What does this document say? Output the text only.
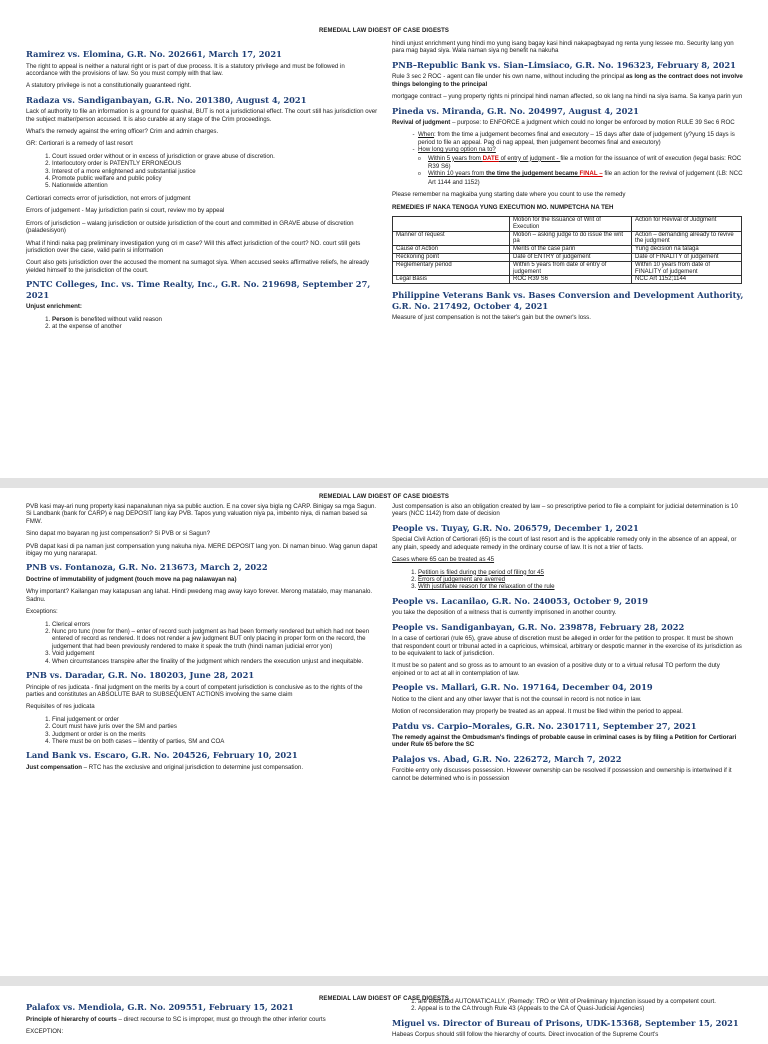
REMEDIAL LAW DIGEST OF CASE DIGESTS
Ramirez vs. Elomina, G.R. No. 202661, March 17, 2021

The right to appeal is neither a natural right or is part of due process. It is a statutory privilege and must be followed in accordance with the provisions of law. So you must comply with that law.

A statutory privilege is not a constitutionally guaranteed right.

Radaza vs. Sandiganbayan, G.R. No. 201380, August 4, 2021

Lack of authority to file an information is a ground for quashal, BUT is not a jurisdictional effect. The court still has jurisdiction over the subject matter/person accused. It is also curable at any stage of the Crim proceedings.

What's the remedy against the erring officer? Crim and admin charges.

GR: Certiorari is a remedy of last resort

1. Court issued order without or in excess of jurisdiction or grave abuse of discretion.
2. Interlocutory order is PATENTLY ERRONEOUS
3. Interest of a more enlightened and substantial justice
4. Promote public welfare and public policy
5. Nationwide attention

Certiorari corrects error of jurisdiction, not errors of judgment

Errors of judgement - May jurisdiction parin si court, review mo by appeal

Errors of jurisdiction – walang jurisdiction or outside jurisdiction of the court and committed in GRAVE abuse of discretion (paladesisyon)

What if hindi naka pag preliminary investigation yung cri m case? Will this affect jurisdiction of the court? NO. court still gets jurisdiction over the case, valid parin si information

Court also gets jurisdiction over the accused the moment na sumagot siya. When accused seeks affirmative reliefs, he already yielded himself to the jurisdiction of the court.

PNTC Colleges, Inc. vs. Time Realty, Inc., G.R. No. 219698, September 27, 2021

Unjust enrichment:

1. Person is benefited without valid reason
2. at the expense of another

hindi unjust enrichment yung hindi mo yung isang bagay kasi hindi nakapagbayad ng renta yung lessee mo. Security lang yon para mag bayad siya. Wala naman siya ng benefit na nakuha

PNB–Republic Bank vs. Sian–Limsiaco, G.R. No. 196323, February 8, 2021

Rule 3 sec 2 ROC - agent can file under his own name, without including the principal as long as the contract does not involve things belonging to the principal

mortgage contract – yung property rights ni principal hindi naman affected, so ok lang na hindi na siya isama. Sa kanya parin yun

Pineda vs. Miranda, G.R. No. 204997, August 4, 2021

Revival of judgment – purpose: to ENFORCE a judgment which could no longer be enforced by motion RULE 39 Sec 6 ROC

- When: from the time a judgement becomes final and executory – 15 days after date of judgement (y?yung 15 days is period to file an appeal. Pag di nag appeal, then judgement becomes final and executory)
- How long yung option na to?
o Within 5 years from DATE of entry of judgment - file a motion for the issuance of writ of execution (legal basis: ROC R39 S6)
o Within 10 years from the time the judgement became FINAL – file an action for the revival of judgement (LB: NCC Art 1144 and 1152)

Please remember na magkaiba yung starting date where you count to use the remedy

REMEDIES IF NAKA TENGGA YUNG EXECUTION MO. NUMPETCHA NA TEH

	Motion for the Issuance of Writ of Execution	Action for Revival of Judgment
Manner of request	Motion – asking judge to do issue the writ pa	Action – demanding already to revive the judgment
Cause of Action	Merits of the case parin	Yung decision na talaga
Reckoning point	Date of ENTRY of judgement	Date of FINALITY of judgement
Reglementary period	Within 5 years from date of entry of judgement	Within 10 years from date of FINALITY of judgement
Legal Basis	ROC R39 S6	NCC Art 1152;1144
Philippine Veterans Bank vs. Bases Conversion and Development Authority, G.R. No. 217492, October 4, 2021

Measure of just compensation is not the taker's gain but the owner's loss.

REMEDIAL LAW DIGEST OF CASE DIGESTS

PVB kasi may-ari nung property kasi napanalunan niya sa public auction. E na cover siya bigla ng CARP. Binigay sa mga Sagun. Si Landbank (bank for CARP) e nag DEPOSIT lang kay PVB. Tapos yung valuation niya pa, imbento niya, di naman based sa FMW.

Sino dapat mo bayaran ng just compensation? Si PVB or si Sagun?

PVB dapat kasi di pa naman just compensation yung nakuha niya. MERE DEPOSIT lang yon. Di naman binuo. Wag ganun dapat ibigay mo yung nararapat.

PNB vs. Fontanoza, G.R. No. 213673, March 2, 2022

Doctrine of immutability of judgment (touch move na pag nalawayan na)

Why important? Kailangan may katapusan ang lahat. Hindi pwedeng mag away kayo forever. Merong matatalo, may mananalo. Sadnu.

Exceptions:

1. Clerical errors
2. Nunc pro tunc (now for then) – enter of record such judgment as had been formerly rendered but which had not been entered of record as rendered. It does not render a jew judgment BUT only placing in proper form on the record, the judgement that had been previously rendered to make it speak the truth (hindi naman judicial error yon)
3. Void judgement
4. When circumstances transpire after the finality of the judgment which renders the execution unjust and inequitable.
PNB vs. Daradar, G.R. No. 180203, June 28, 2021

Principle of res judicata - final judgment on the merits by a court of competent jurisdiction is conclusive as to the rights of the parties and constitutes an ABSOLUTE BAR to SUBSEQUENT ACTIONS involving the same claim

Requisites of res judicata

1. Final judgement or order
2. Court must have juris over the SM and parties
3. Judgment or order is on the merits
4. There must be on both cases – identity of parties, SM and COA
Land Bank vs. Escaro, G.R. No. 204526, February 10, 2021

Just compensation – RTC has the exclusive and original jurisdiction to determine just compensation.

Just compensation is also an obligation created by law – so prescriptive period to file a complaint for judicial determination is 10 years (NCC 1142) from date of decision

People vs. Tuyay, G.R. No. 206579, December 1, 2021

Special Civil Action of Certiorari (65) is the court of last resort and is the applicable remedy only in the absence of an appeal, or any plain, speedy and adequate remedy in the ordinary course of law. It is not a trier of facts.

Cases where 65 can be treated as 45

1. Petition is filed during the period of filing for 45
2. Errors of judgement are averred
3. With justifiable reason for the relaxation of the rule
People vs. Lacanilao, G.R. No. 240053, October 9, 2019

you take the deposition of a witness that is currently imprisoned in another country.

People vs. Sandiganbayan, G.R. No. 239878, February 28, 2022

In a case of certiorari (rule 65), grave abuse of discretion must be alleged in order for the petition to prosper. It must be shown that respondent court or tribunal acted in a capricious, whimsical, arbitrary or despotic manner in the exercise of its jurisdiction as to be equivalent to lack of jurisdiction.

It must be so patent and so gross as to amount to an evasion of a positive duty or to a virtual refusal TO perform the duty enjoined or to act at all in contemplation of law.

People vs. Mallari, G.R. No. 197164, December 04, 2019

Notice to the client and any other lawyer that is not the counsel in record is not notice in law.

Motion of reconsideration may properly be treated as an appeal. It must be filed within the period to appeal.

Patdu vs. Carpio–Morales, G.R. No. 2301711, September 27, 2021

The remedy against the Ombudsman's findings of probable cause in criminal cases is by filing a Petition for Certiorari under Rule 65 before the SC

Palajos vs. Abad, G.R. No. 226272, March 7, 2022

Forcible entry only discusses possession. However ownership can be resolved if possession and ownership is intertwined if it cannot be determined who is in possession

REMEDIAL LAW DIGEST OF CASE DIGESTS
Palafox vs. Mendiola, G.R. No. 209551, February 15, 2021

Principle of hierarchy of courts – direct recourse to SC is improper, must go through the other inferior courts

EXCEPTION:

1. are executed AUTOMATICALLY. (Remedy: TRO or Writ of Preliminary Injunction issued by a competent court.
2. Appeal is to the CA through Rule 43 (Appeals to the CA of Quasi-Judicial Agencies)
Miguel vs. Director of Bureau of Prisons, UDK-15368, September 15, 2021

Habeas Corpus should still follow the hierarchy of courts. Direct invocation of the Supreme Court's
